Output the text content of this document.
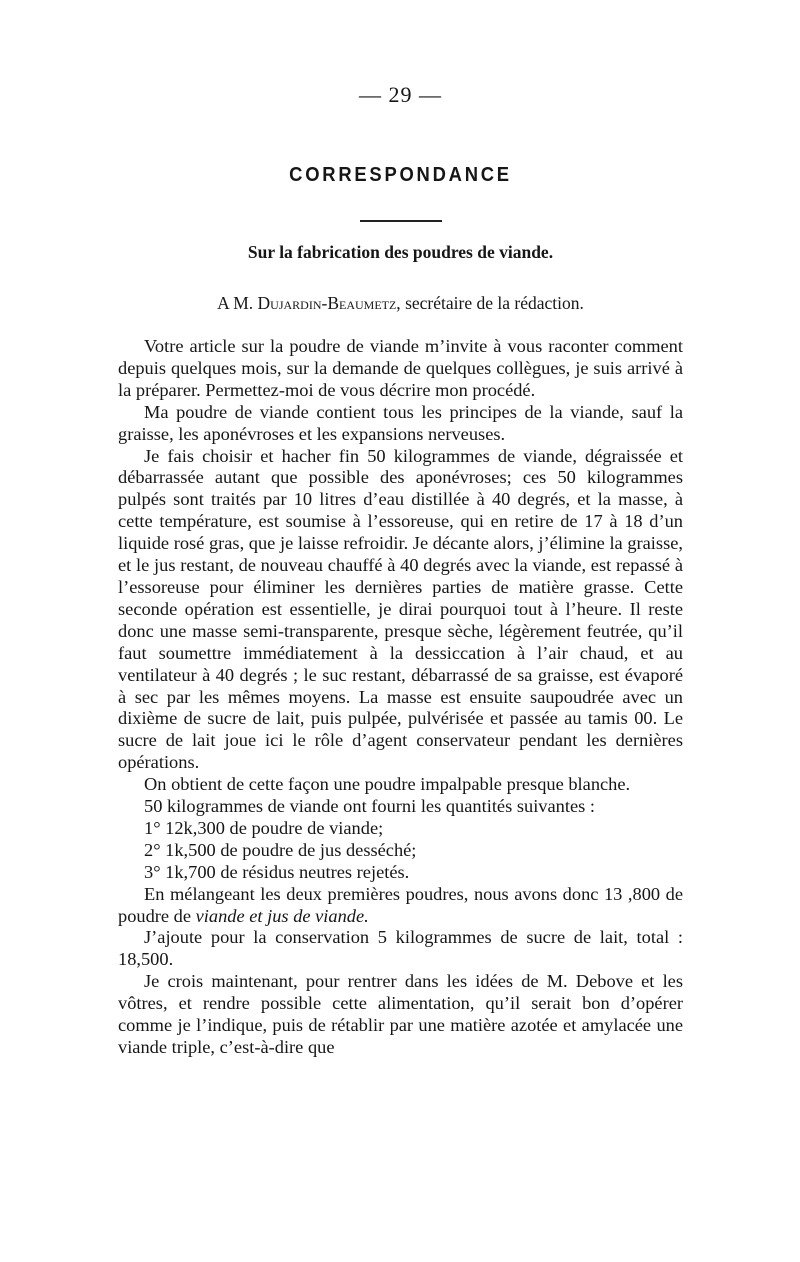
— 29 —
CORRESPONDANCE
Sur la fabrication des poudres de viande.
A M. Dujardin-Beaumetz, secrétaire de la rédaction.

Votre article sur la poudre de viande m’invite à vous raconter comment depuis quelques mois, sur la demande de quelques collègues, je suis arrivé à la préparer. Permettez-moi de vous décrire mon procédé.

Ma poudre de viande contient tous les principes de la viande, sauf la graisse, les aponévroses et les expansions nerveuses.

Je fais choisir et hacher fin 50 kilogrammes de viande, dégraissée et débarrassée autant que possible des aponévroses; ces 50 kilogrammes pulpés sont traités par 10 litres d’eau distillée à 40 degrés, et la masse, à cette température, est soumise à l’essoreuse, qui en retire de 17 à 18 d’un liquide rosé gras, que je laisse refroidir. Je décante alors, j’élimine la graisse, et le jus restant, de nouveau chauffé à 40 degrés avec la viande, est repassé à l’essoreuse pour éliminer les dernières parties de matière grasse. Cette seconde opération est essentielle, je dirai pourquoi tout à l’heure. Il reste donc une masse semi-transparente, presque sèche, légèrement feutrée, qu’il faut soumettre immédiatement à la dessiccation à l’air chaud, et au ventilateur à 40 degrés ; le suc restant, débarrassé de sa graisse, est évaporé à sec par les mêmes moyens. La masse est ensuite saupoudrée avec un dixième de sucre de lait, puis pulpée, pulvérisée et passée au tamis 00. Le sucre de lait joue ici le rôle d’agent conservateur pendant les dernières opérations.

On obtient de cette façon une poudre impalpable presque blanche.

50 kilogrammes de viande ont fourni les quantités suivantes :

1° 12k,300 de poudre de viande;

2° 1k,500 de poudre de jus desséché;

3° 1k,700 de résidus neutres rejetés.

En mélangeant les deux premières poudres, nous avons donc 13 ,800 de poudre de viande et jus de viande.

J’ajoute pour la conservation 5 kilogrammes de sucre de lait, total : 18,500.

Je crois maintenant, pour rentrer dans les idées de M. Debove et les vôtres, et rendre possible cette alimentation, qu’il serait bon d’opérer comme je l’indique, puis de rétablir par une matière azotée et amylacée une viande triple, c’est-à-dire que
